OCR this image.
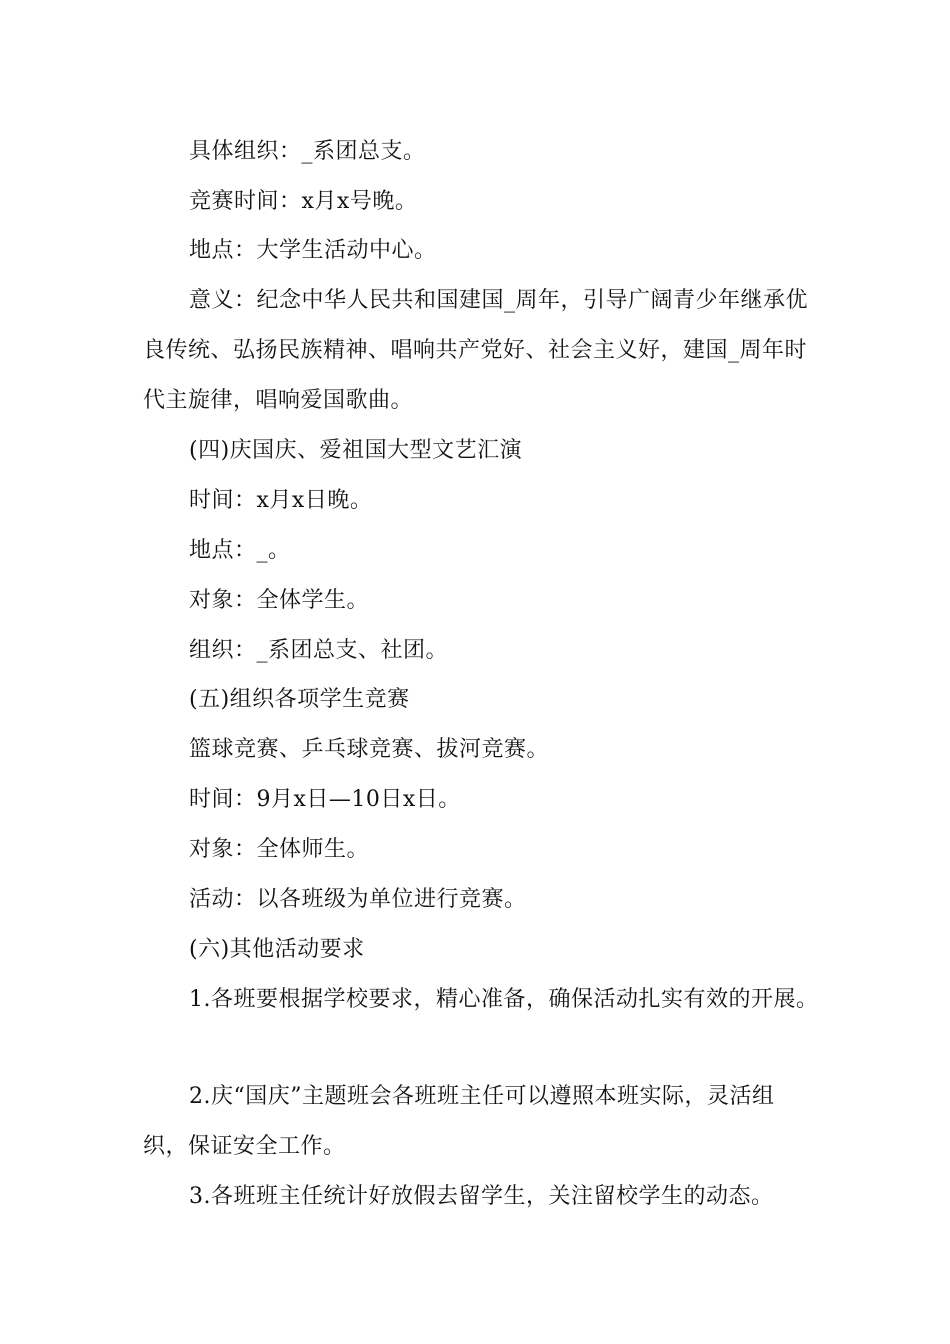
具体组织：_系团总支。
竞赛时间：x月x号晚。
地点：大学生活动中心。
意义：纪念中华人民共和国建国_周年，引导广阔青少年继承优
良传统、弘扬民族精神、唱响共产党好、社会主义好，建国_周年时
代主旋律，唱响爱国歌曲。
(四)庆国庆、爱祖国大型文艺汇演
时间：x月x日晚。
地点：_。
对象：全体学生。
组织：_系团总支、社团。
(五)组织各项学生竞赛
篮球竞赛、乒乓球竞赛、拔河竞赛。
时间：9月x日—10日x日。
对象：全体师生。
活动：以各班级为单位进行竞赛。
(六)其他活动要求
1.各班要根据学校要求，精心准备，确保活动扎实有效的开展。
2.庆“国庆”主题班会各班班主任可以遵照本班实际，灵活组
织，保证安全工作。
3.各班班主任统计好放假去留学生，关注留校学生的动态。
